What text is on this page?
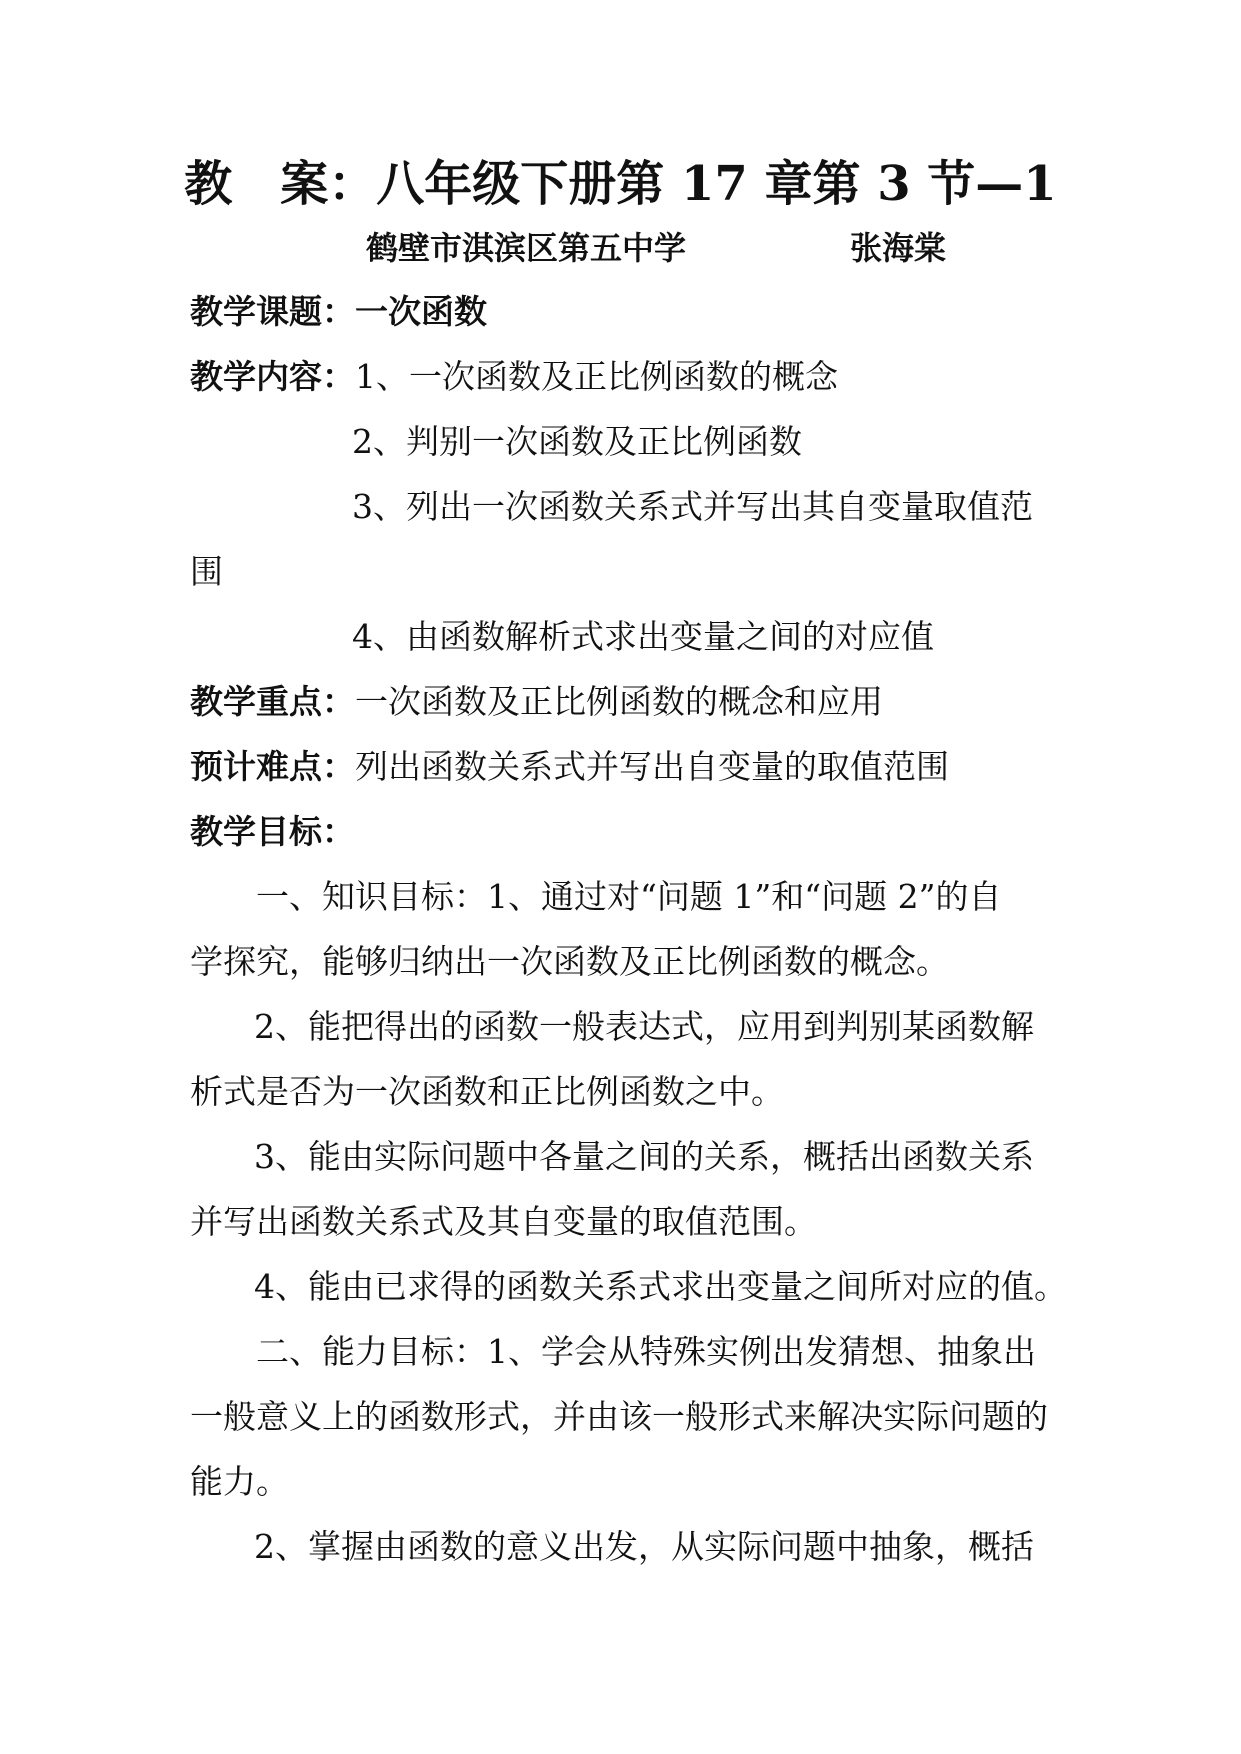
教　案：八年级下册第 17 章第 3 节—1
鹤壁市淇滨区第五中学	张海棠
教学课题：一次函数
教学内容：1、一次函数及正比例函数的概念
2、判别一次函数及正比例函数
3、列出一次函数关系式并写出其自变量取值范
围
4、由函数解析式求出变量之间的对应值
教学重点：一次函数及正比例函数的概念和应用
预计难点：列出函数关系式并写出自变量的取值范围
教学目标：
一、知识目标：1、通过对“问题 1”和“问题 2”的自
学探究，能够归纳出一次函数及正比例函数的概念。
2、能把得出的函数一般表达式，应用到判别某函数解
析式是否为一次函数和正比例函数之中。
3、能由实际问题中各量之间的关系，概括出函数关系
并写出函数关系式及其自变量的取值范围。
4、能由已求得的函数关系式求出变量之间所对应的值。
二、能力目标：1、学会从特殊实例出发猜想、抽象出
一般意义上的函数形式，并由该一般形式来解决实际问题的
能力。
2、掌握由函数的意义出发，从实际问题中抽象，概括
